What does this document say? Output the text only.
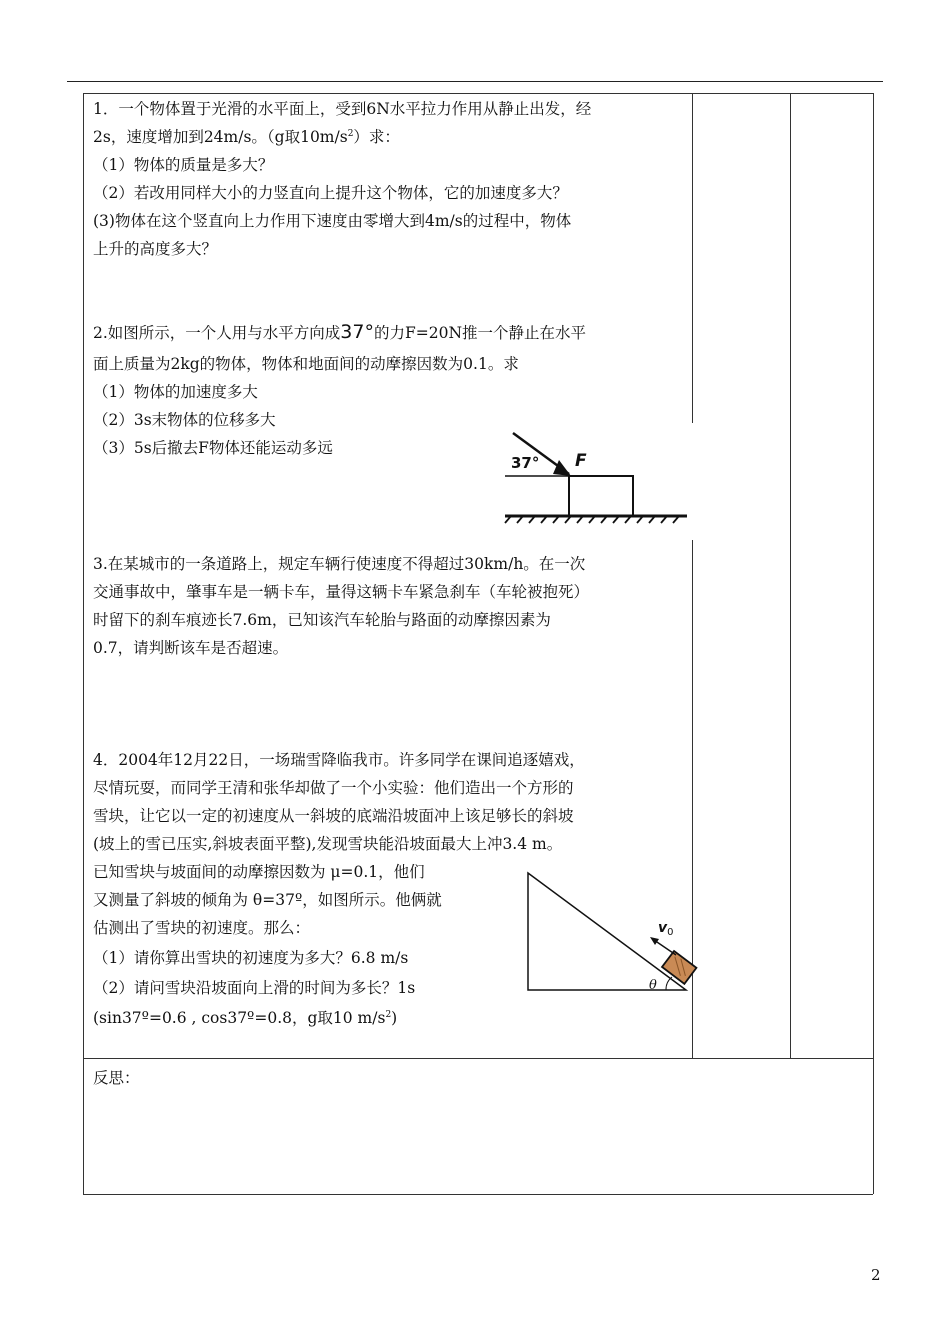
1．一个物体置于光滑的水平面上，受到6N水平拉力作用从静止出发，经
2s，速度增加到24m/s。（g取$10m/s^2$）求：
（1）物体的质量是多大？
（2）若改用同样大小的力竖直向上提升这个物体，它的加速度多大？
(3)物体在这个竖直向上力作用下速度由零增大到4m/s的过程中，物体
上升的高度多大？
2.如图所示，一个人用与水平方向成37°的力F=20N推一个静止在水平
面上质量为2kg的物体，物体和地面间的动摩擦因数为0.1。求
（1）物体的加速度多大
（2）3s末物体的位移多大
（3）5s后撤去F物体还能运动多远
37° F
3.在某城市的一条道路上，规定车辆行使速度不得超过30km/h。在一次
交通事故中，肇事车是一辆卡车，量得这辆卡车紧急刹车（车轮被抱死）
时留下的刹车痕迹长7.6m，已知该汽车轮胎与路面的动摩擦因素为
0.7，请判断该车是否超速。
4．2004年12月22日，一场瑞雪降临我市。许多同学在课间追逐嬉戏，
尽情玩耍，而同学王清和张华却做了一个小实验：他们造出一个方形的
雪块，让它以一定的初速度从一斜坡的底端沿坡面冲上该足够长的斜坡
(坡上的雪已压实,斜坡表面平整),发现雪块能沿坡面最大上冲3.4 m。
已知雪块与坡面间的动摩擦因数为 μ=0.1，他们
又测量了斜坡的倾角为 θ=37º，如图所示。他俩就
估测出了雪块的初速度。那么：
（1）请你算出雪块的初速度为多大？6.8 m/s
（2）请问雪块沿坡面向上滑的时间为多长？1s
(sin37º=0.6 , cos37º=0.8，g取10 $m/s^2$)
$v_0$
θ
反思：
2
